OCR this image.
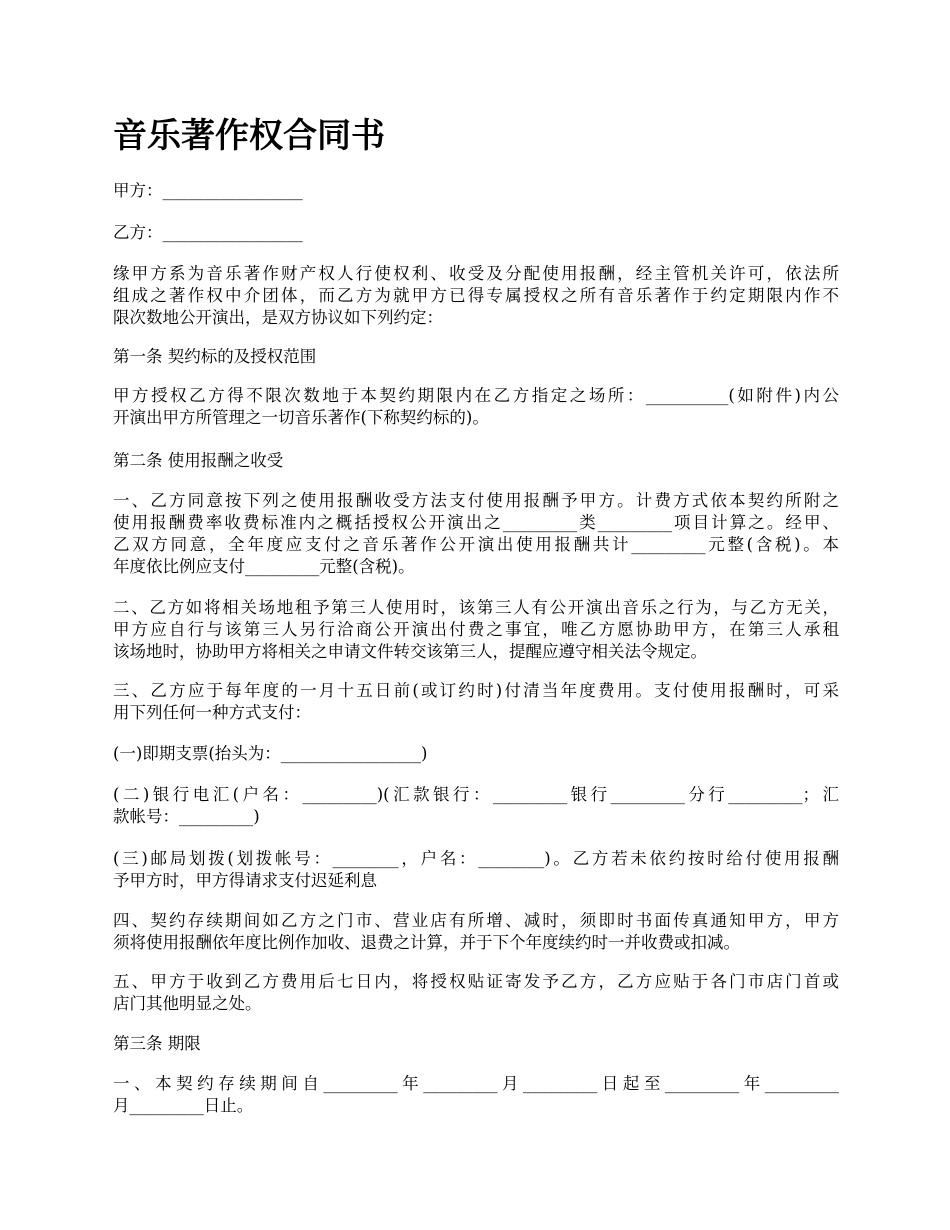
音乐著作权合同书

甲方：_________________

乙方：_________________

缘甲方系为音乐著作财产权人行使权利、收受及分配使用报酬，经主管机关许可，依法所
组成之著作权中介团体，而乙方为就甲方已得专属授权之所有音乐著作于约定期限内作不
限次数地公开演出，是双方协议如下列约定：

第一条 契约标的及授权范围

甲方授权乙方得不限次数地于本契约期限内在乙方指定之场所：__________(如附件)内公
开演出甲方所管理之一切音乐著作(下称契约标的)。

第二条 使用报酬之收受

一、乙方同意按下列之使用报酬收受方法支付使用报酬予甲方。计费方式依本契约所附之
使用报酬费率收费标准内之概括授权公开演出之_________类_________项目计算之。经甲、
乙双方同意，全年度应支付之音乐著作公开演出使用报酬共计_________元整(含税)。本
年度依比例应支付_________元整(含税)。

二、乙方如将相关场地租予第三人使用时，该第三人有公开演出音乐之行为，与乙方无关，
甲方应自行与该第三人另行洽商公开演出付费之事宜，唯乙方愿协助甲方，在第三人承租
该场地时，协助甲方将相关之申请文件转交该第三人，提醒应遵守相关法令规定。

三、乙方应于每年度的一月十五日前(或订约时)付清当年度费用。支付使用报酬时，可采
用下列任何一种方式支付：

(一)即期支票(抬头为：_________________)

(二)银行电汇(户名：_________)(汇款银行：_________银行_________分行_________；汇
款帐号：_________)

(三)邮局划拨(划拨帐号：________，户名：________)。乙方若未依约按时给付使用报酬
予甲方时，甲方得请求支付迟延利息

四、契约存续期间如乙方之门市、营业店有所增、减时，须即时书面传真通知甲方，甲方
须将使用报酬依年度比例作加收、退费之计算，并于下个年度续约时一并收费或扣减。

五、甲方于收到乙方费用后七日内，将授权贴证寄发予乙方，乙方应贴于各门市店门首或
店门其他明显之处。

第三条 期限

一、本契约存续期间自_________年_________月_________日起至_________年_________
月_________日止。
